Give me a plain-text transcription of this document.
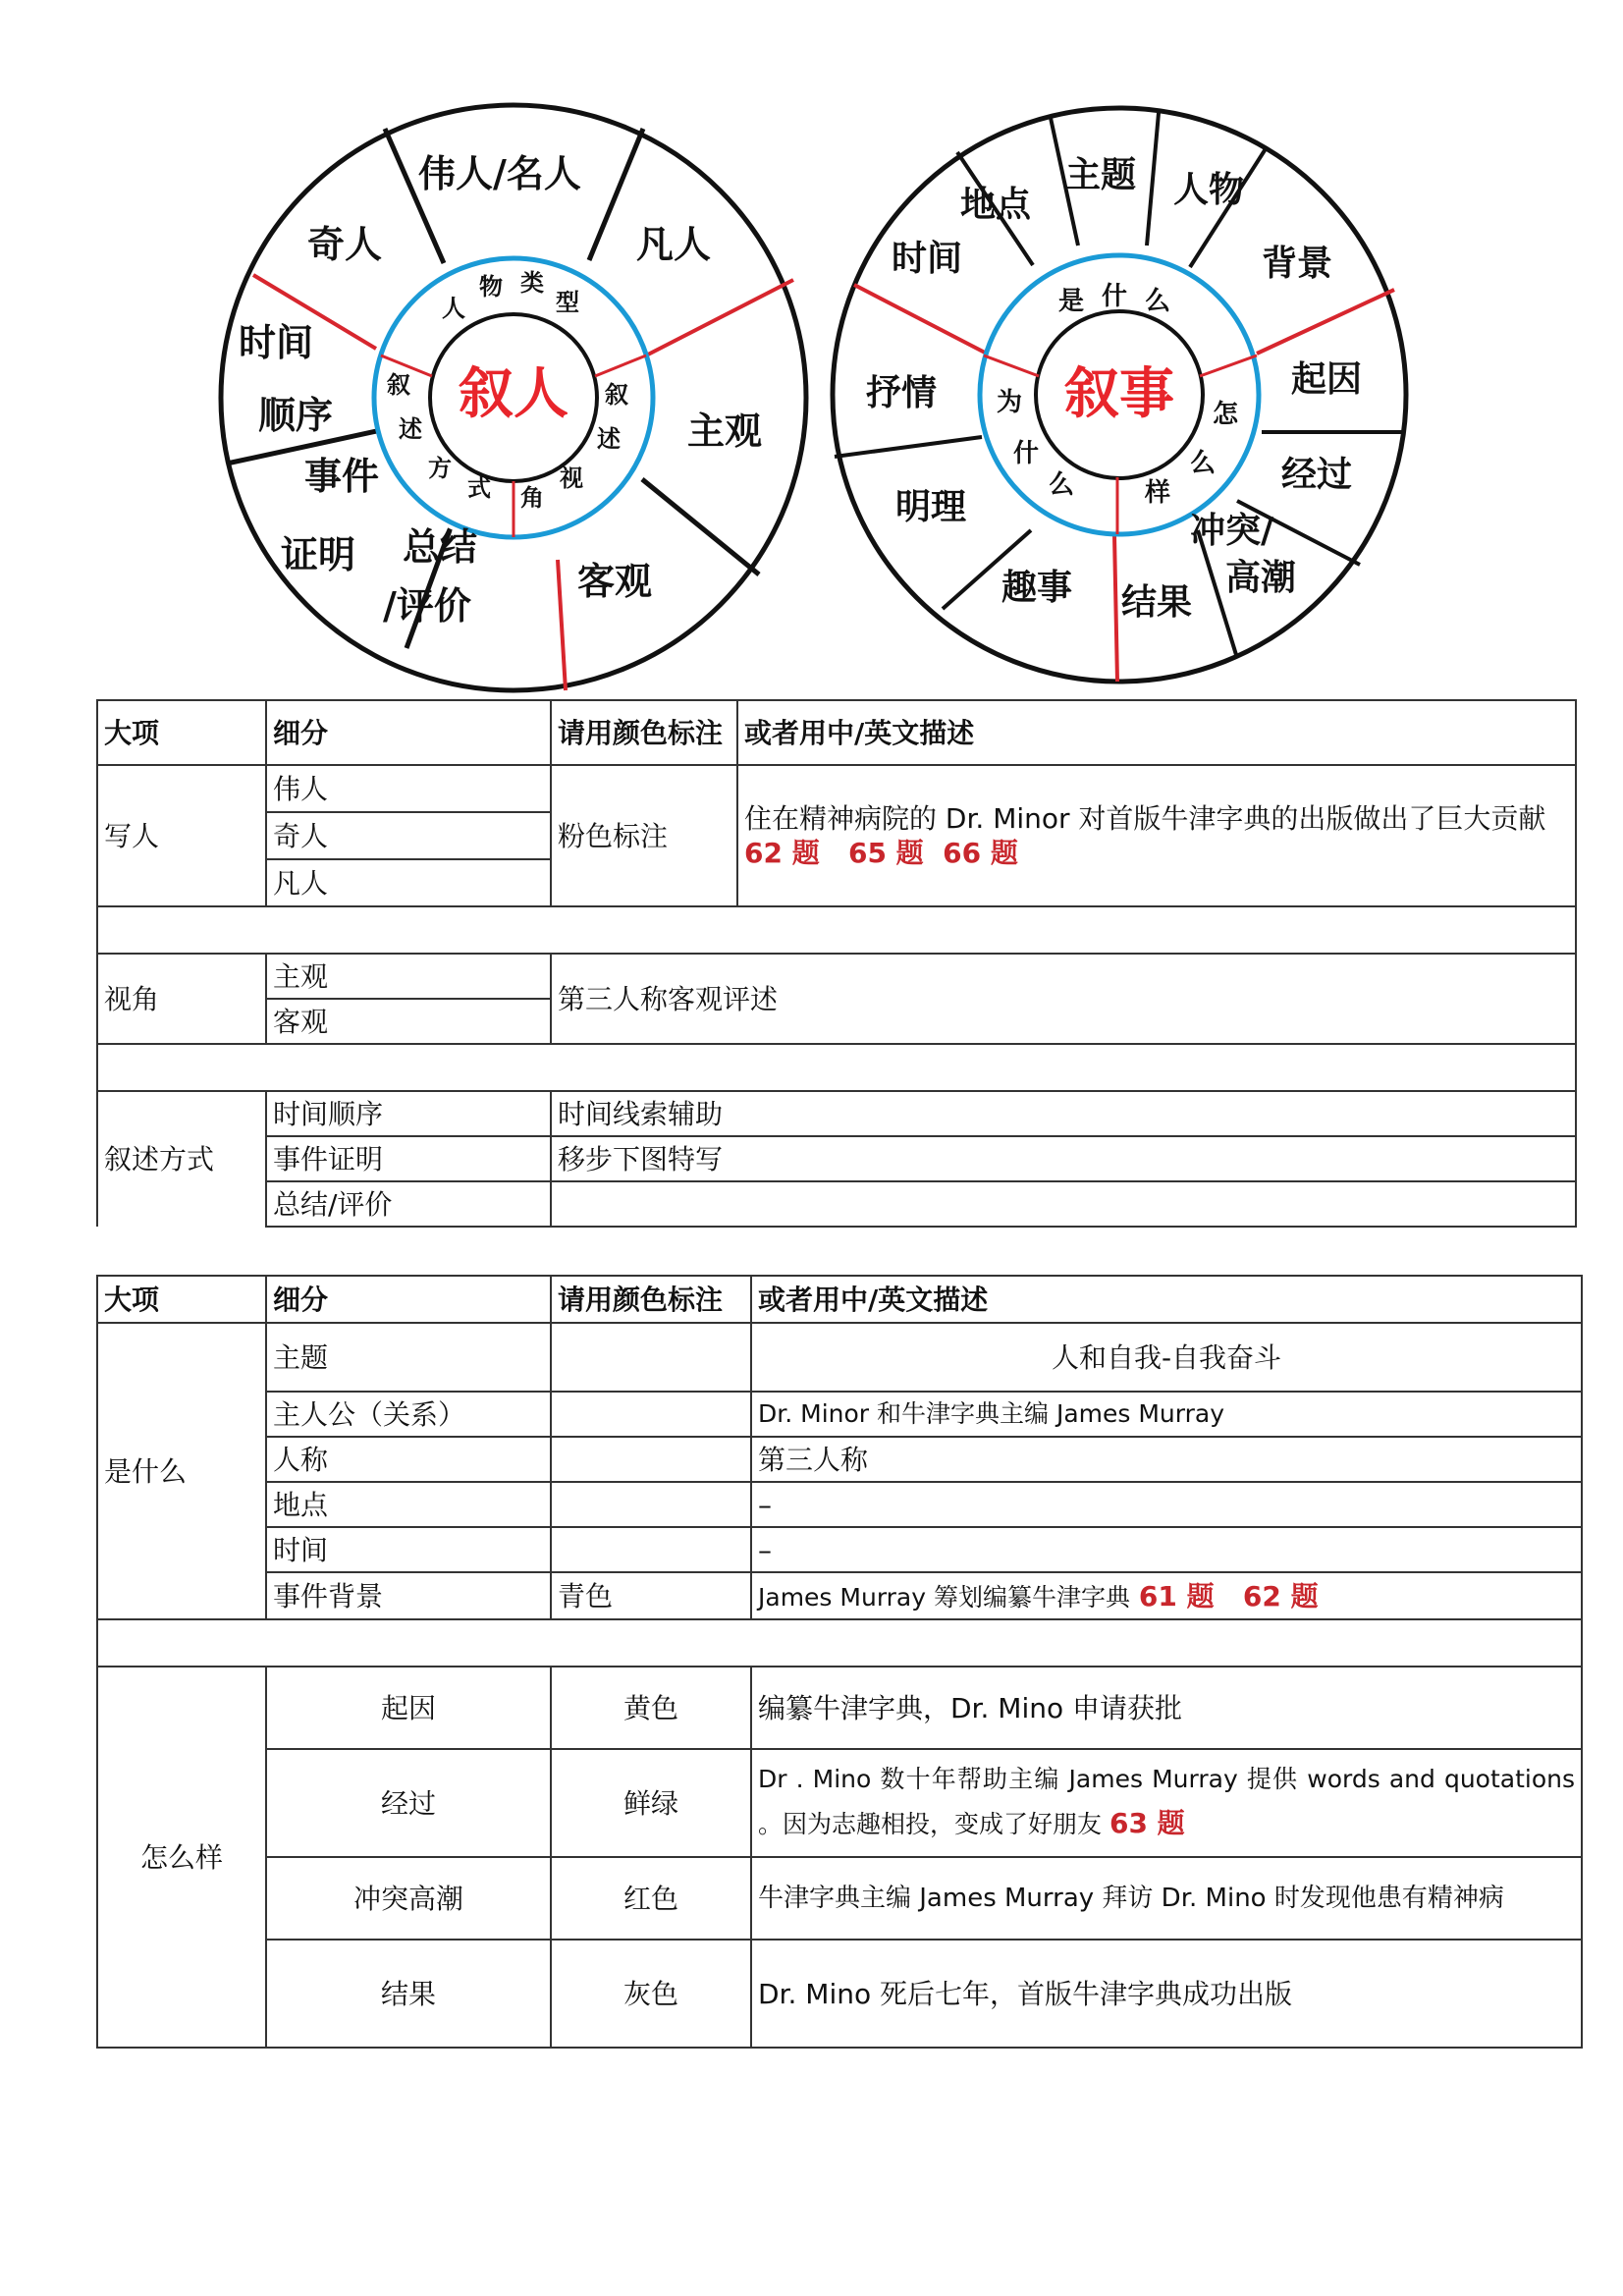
叙人
人
物 类
型
叙
述
方
式
叙
述
视
角
伟人/名人
奇人	凡人
时间
顺序	主观
事件
证明 总结
/评价
客观
叙事
是 什 么
为
什
么
怎
么
样
地点
主题 人物
时间	背景
抒情	起因
明理
经过
冲突/
高潮
趣事 结果
大项	细分	请用颜色标注	或者用中/英文描述
写人	伟人	粉色标注	住在精神病院的 Dr. Minor 对首版牛津字典的出版做出了巨大贡献
62 题   65 题  66 题

	奇人		
	凡人		

视角	主观	第三人称客观评述	
	客观		

叙述方式	时间顺序	时间线索辅助	
	事件证明	移步下图特写	
	总结/评价		
大项	细分	请用颜色标注	或者用中/英文描述
是什么	主题		人和自我-自我奋斗
	主人公（关系）		Dr. Minor 和牛津字典主编 James Murray
	人称		第三人称
	地点		–
	时间		–
	事件背景	青色	James Murray 筹划编纂牛津字典 61 题   62 题

怎么样	起因	黄色	编纂牛津字典，Dr. Mino 申请获批
	经过	鲜绿	Dr . Mino 数十年帮助主编 James Murray 提供 words and quotations 。因为志趣相投，变成了好朋友 63 题
	冲突高潮	红色	牛津字典主编 James Murray 拜访 Dr. Mino 时发现他患有精神病
	结果	灰色	Dr. Mino 死后七年，首版牛津字典成功出版
